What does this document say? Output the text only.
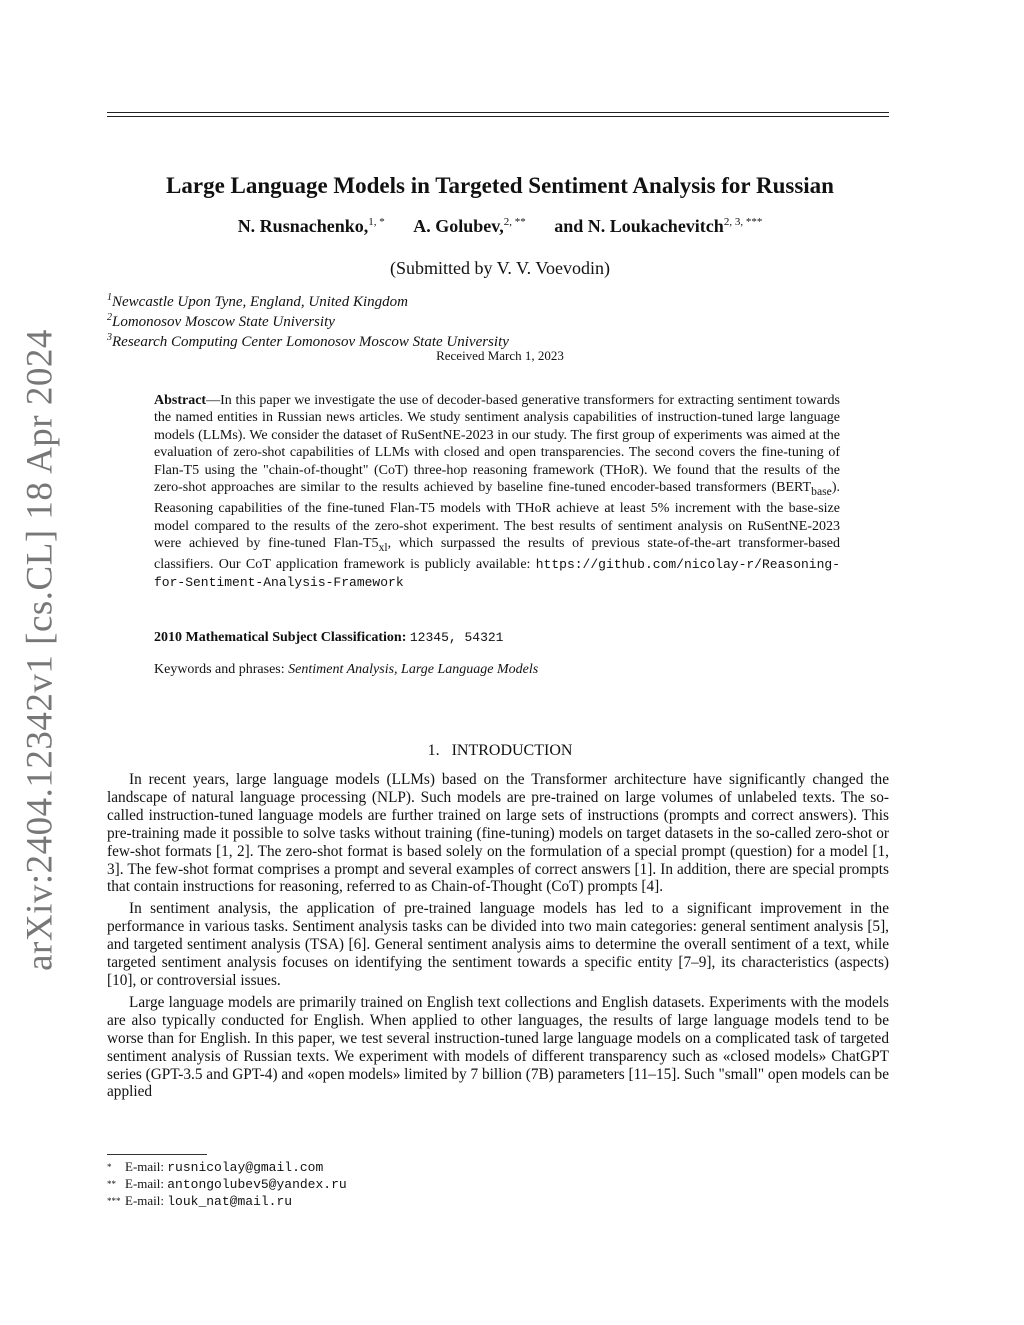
arXiv:2404.12342v1 [cs.CL] 18 Apr 2024
Large Language Models in Targeted Sentiment Analysis for Russian
N. Rusnachenko,$^{1, *}$ A. Golubev,$^{2, **}$ and N. Loukachevitch$^{2, 3, ***}$
(Submitted by V. V. Voevodin)
$^1$Newcastle Upon Tyne, England, United Kingdom
$^2$Lomonosov Moscow State University
$^3$Research Computing Center Lomonosov Moscow State University
Received March 1, 2023

Abstract—In this paper we investigate the use of decoder-based generative transformers for extracting sentiment towards the named entities in Russian news articles. We study sentiment analysis capabilities of instruction-tuned large language models (LLMs). We consider the dataset of RuSentNE-2023 in our study. The first group of experiments was aimed at the evaluation of zero-shot capabilities of LLMs with closed and open transparencies. The second covers the fine-tuning of Flan-T5 using the "chain-of-thought" (CoT) three-hop reasoning framework (THoR). We found that the results of the zero-shot approaches are similar to the results achieved by baseline fine-tuned encoder-based transformers $(BERT_{base})$. Reasoning capabilities of the fine-tuned Flan-T5 models with THoR achieve at least 5% increment with the base-size model compared to the results of the zero-shot experiment. The best results of sentiment analysis on RuSentNE-2023 were achieved by fine-tuned Flan-$T5_{xl}$, which surpassed the results of previous state-of-the-art transformer-based classifiers. Our CoT application framework is publicly available: https://github.com/nicolay-r/Reasoning-for-Sentiment-Analysis-Framework

2010 Mathematical Subject Classification: 12345, 54321
Keywords and phrases: Sentiment Analysis, Large Language Models
1. INTRODUCTION

In recent years, large language models (LLMs) based on the Transformer architecture have significantly changed the landscape of natural language processing (NLP). Such models are pre-trained on large volumes of unlabeled texts. The so-called instruction-tuned language models are further trained on large sets of instructions (prompts and correct answers). This pre-training made it possible to solve tasks without training (fine-tuning) models on target datasets in the so-called zero-shot or few-shot formats [1, 2]. The zero-shot format is based solely on the formulation of a special prompt (question) for a model [1, 3]. The few-shot format comprises a prompt and several examples of correct answers [1]. In addition, there are special prompts that contain instructions for reasoning, referred to as Chain-of-Thought (CoT) prompts [4].

In sentiment analysis, the application of pre-trained language models has led to a significant improvement in the performance in various tasks. Sentiment analysis tasks can be divided into two main categories: general sentiment analysis [5], and targeted sentiment analysis (TSA) [6]. General sentiment analysis aims to determine the overall sentiment of a text, while targeted sentiment analysis focuses on identifying the sentiment towards a specific entity [7–9], its characteristics (aspects) [10], or controversial issues.

Large language models are primarily trained on English text collections and English datasets. Experiments with the models are also typically conducted for English. When applied to other languages, the results of large language models tend to be worse than for English. In this paper, we test several instruction-tuned large language models on a complicated task of targeted sentiment analysis of Russian texts. We experiment with models of different transparency such as «closed models» ChatGPT series (GPT-3.5 and GPT-4) and «open models» limited by 7 billion (7B) parameters [11–15]. Such "small" open models can be applied

* E-mail: rusnicolay@gmail.com
** E-mail: antongolubev5@yandex.ru
*** E-mail: louk_nat@mail.ru
